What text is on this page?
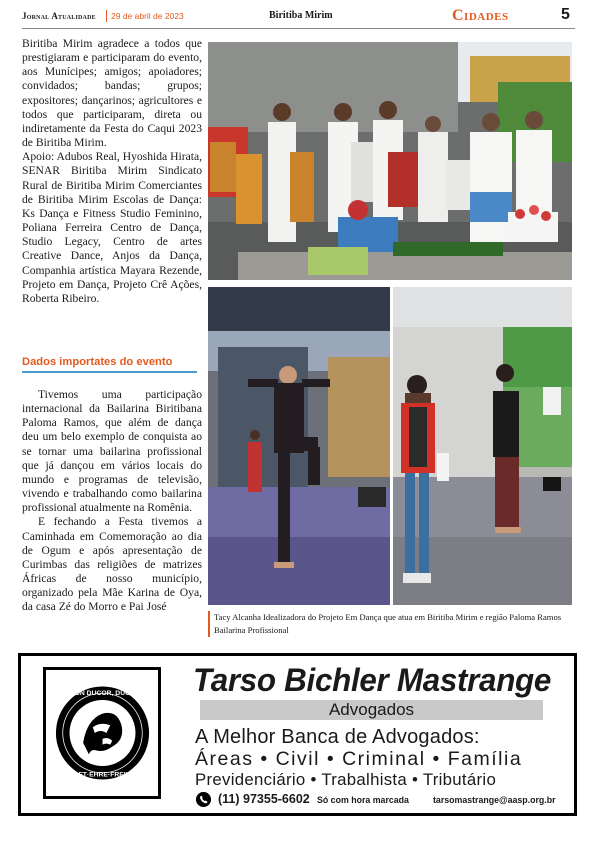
Jornal Atualidade 29 de abril de 2023	Biritiba Mirim	Cidades	5

Biritiba Mirim agradece a todos que prestigiaram e participaram do evento, aos Munícipes; amigos; apoiadores; convidados; bandas; grupos; expositores; dançarinos; agricultores e todos que participaram, direta ou indiretamente da Festa do Caqui 2023 de Biritiba Mirim.

Apoio: Adubos Real, Hyoshida Hirata, SENAR Biritiba Mirim Sindicato Rural de Biritiba Mirim Comerciantes de Biritiba Mirim Escolas de Dança: Ks Dança e Fitness Studio Feminino, Poliana Ferreira Centro de Dança, Studio Legacy, Centro de artes Creative Dance, Anjos da Dança, Companhia artística Mayara Rezende, Projeto em Dança, Projeto Crê Ações, Roberta Ribeiro.

Dados importates do evento

Tivemos uma participação internacional da Bailarina Biritibana Paloma Ramos, que além de dança deu um belo exemplo de conquista ao se tornar uma bailarina profissional que já dançou em vários locais do mundo e programas de televisão, vivendo e trabalhando como bailarina profissional atualmente na Romênia.

E fechando a Festa tivemos a Caminhada em Comemoração ao dia de Ogum e após apresentação de Curimbas das religiões de matrizes Áfricas de nosso município, organizado pela Mãe Karina de Oya, da casa Zé do Morro e Pai José

Tacy Alcanha Idealizadora do Projeto Em Dança que atua em Biritiba Mirim e região Paloma Ramos Bailarina Profissional
NON DUCOR, DUCO
KRAFT·EHRE·FREIHEIT
Tarso Bichler Mastrange
Advogados
A Melhor Banca de Advogados:
Áreas • Civil • Criminal • Família
Previdenciário • Trabalhista • Tributário
(11) 97355-6602 Só com hora marcada	tarsomastrange@aasp.org.br
